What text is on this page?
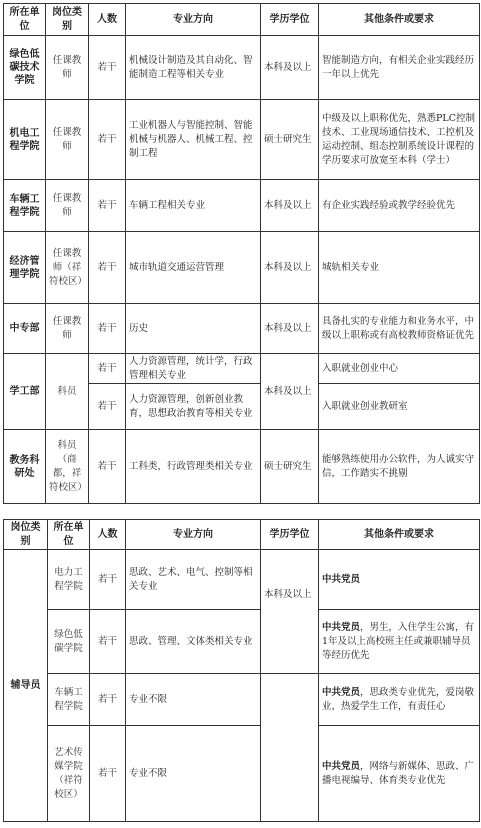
所在单位	岗位类别	人数	专业方向	学历学位	其他条件或要求
绿色低碳技术学院	任课教师	若干	机械设计制造及其自动化、智能制造工程等相关专业	本科及以上	智能制造方向，有相关企业实践经历一年以上优先
机电工程学院	任课教师	若干	工业机器人与智能控制、智能机械与机器人、机械工程、控制工程	硕士研究生	中级及以上职称优先，熟悉PLC控制技术、工业现场通信技术、工控机及运动控制、组态控制系统设计课程的学历要求可放宽至本科（学士）
车辆工程学院	任课教师	若干	车辆工程相关专业	本科及以上	有企业实践经验或教学经验优先
经济管理学院	任课教师（祥符校区）	若干	城市轨道交通运营管理	本科及以上	城轨相关专业
中专部	任课教师	若干	历史	本科及以上	具备扎实的专业能力和业务水平，中级以上职称或有高校教师资格证优先
学工部	科员	若干	人力资源管理，统计学，行政管理相关专业	本科及以上	入职就业创业中心
		若干	人力资源管理，创新创业教育，思想政治教育等相关专业		入职就业创业教研室
教务科研处	科员（商都，祥符校区）	若干	工科类，行政管理类相关专业	硕士研究生	能够熟练使用办公软件，为人诚实守信，工作踏实不挑剔
岗位类别	所在单位	人数	专业方向	学历学位	其他条件或要求
辅导员	电力工程学院	若干	思政、艺术、电气、控制等相关专业	本科及以上	中共党员
	绿色低碳学院	若干	思政、管理、文体类相关专业		中共党员，男生，入住学生公寓，有1年及以上高校班主任或兼职辅导员等经历优先
	车辆工程学院	若干	专业不限		中共党员，思政类专业优先，爱岗敬业，热爱学生工作，有责任心
	艺术传媒学院（祥符校区）	若干	专业不限		中共党员，网络与新媒体、思政、广播电视编导、体育类专业优先
